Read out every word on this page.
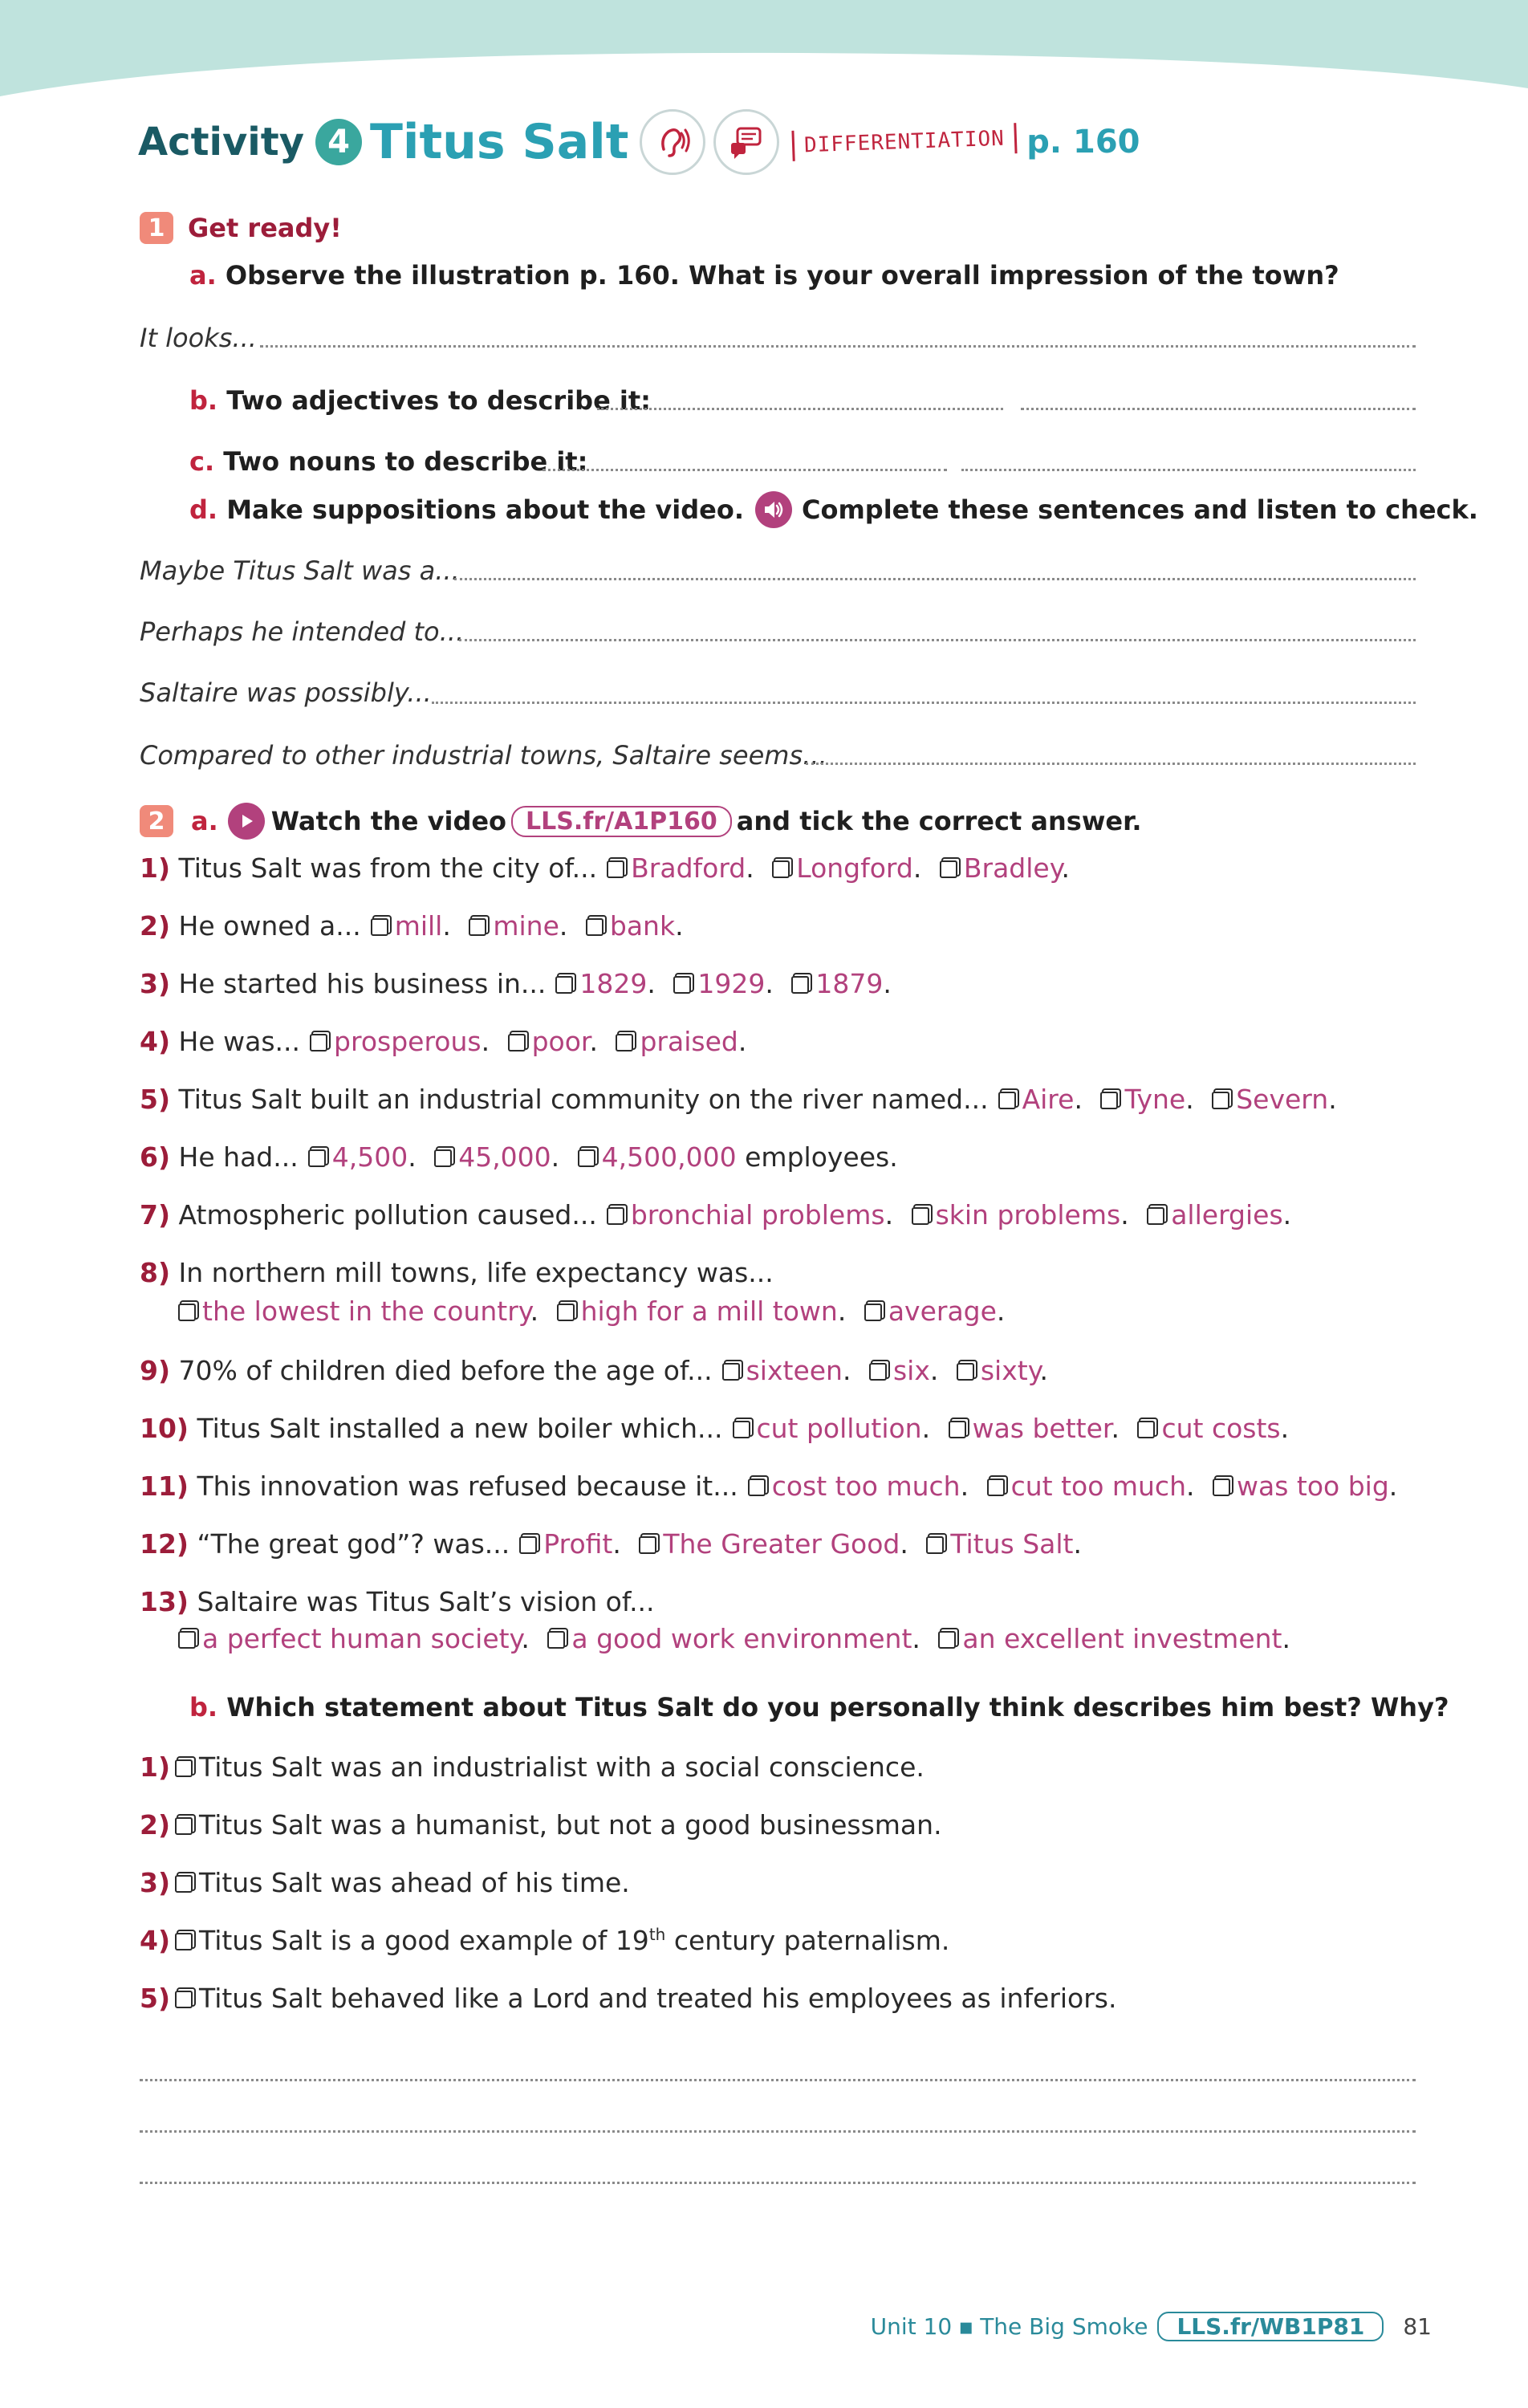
Activity 4 Titus Salt	DIFFERENTIATION p. 160
1 Get ready!
a. Observe the illustration p. 160. What is your overall impression of the town?
It looks...
b. Two adjectives to describe it:
c. Two nouns to describe it:
d.
Make suppositions about the video. Complete these sentences and listen to check.
Maybe Titus Salt was a...
Perhaps he intended to...
Saltaire was possibly...
Compared to other industrial towns, Saltaire seems...
2	a. Watch the video LLS.fr/A1P160 and tick the correct answer.
1) Titus Salt was from the city of... Bradford. Longford. Bradley.
2) He owned a... mill. mine. bank.
3) He started his business in... 1829. 1929. 1879.
4) He was... prosperous. poor. praised.
5) Titus Salt built an industrial community on the river named... Aire. Tyne. Severn.
6) He had... 4,500. 45,000. 4,500,000 employees.
7) Atmospheric pollution caused... bronchial problems. skin problems. allergies.
8) In northern mill towns, life expectancy was...
the lowest in the country. high for a mill town. average.
9) 70% of children died before the age of... sixteen. six. sixty.
10) Titus Salt installed a new boiler which... cut pollution. was better. cut costs.
11) This innovation was refused because it... cost too much. cut too much. was too big.
12) “The great god”? was... Profit. The Greater Good. Titus Salt.
13) Saltaire was Titus Salt’s vision of...
a perfect human society. a good work environment. an excellent investment.
b. Which statement about Titus Salt do you personally think describes him best? Why?
1) Titus Salt was an industrialist with a social conscience.
2) Titus Salt was a humanist, but not a good businessman.
3) Titus Salt was ahead of his time.
4) Titus Salt is a good example of 19th century paternalism.
5) Titus Salt behaved like a Lord and treated his employees as inferiors.
Unit 10 ▪ The Big Smoke	LLS.fr/WB1P81	81
